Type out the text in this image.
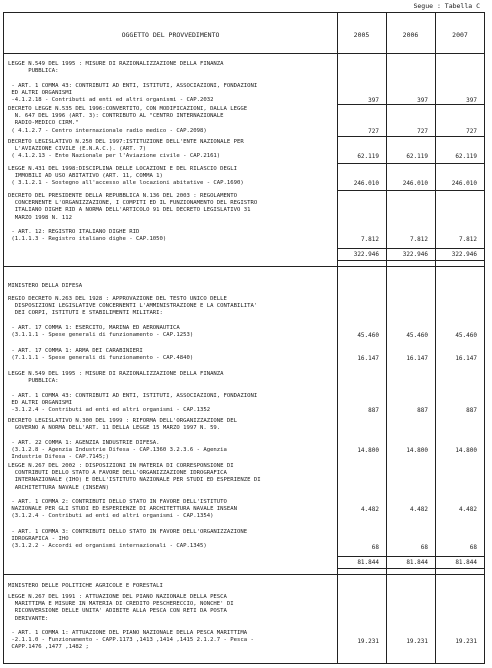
Segue : Tabella C
OGGETTO DEL PROVVEDIMENTO	2005	2006	2007
LEGGE N.549 DEL 1995 : MISURE DI RAZIONALIZZAZIONE DELLA FINANZA
PUBBLICA:

- ART. 1 COMMA 43: CONTRIBUTI AD ENTI, ISTITUTI, ASSOCIAZIONI, FONDAZIONI
ED ALTRI ORGANISMI
-4.1.2.18 - Contributi ad enti ed altri organismi - CAP.2032	397	397	397
DECRETO LEGGE N.535 DEL 1996:CONVERTITO, CON MODIFICAZIONI, DALLA LEGGE
N. 647 DEL 1996 (ART. 3): CONTRIBUTO AL "CENTRO INTERNAZIONALE
RADIO-MEDICO CIRM."
( 4.1.2.7 - Centro internazionale radio medico - CAP.2098)	727	727	727
DECRETO LEGISLATIVO N.250 DEL 1997:ISTITUZIONE DELL'ENTE NAZIONALE PER
L'AVIAZIONE CIVILE (E.N.A.C.). (ART. 7)
( 4.1.2.13 - Ente Nazionale per l'Aviazione civile - CAP.2161)	62.119	62.119	62.119
LEGGE N.431 DEL 1998:DISCIPLINA DELLE LOCAZIONI E DEL RILASCIO DEGLI
IMMOBILI AD USO ABITATIVO (ART. 11, COMMA 1)
( 3.1.2.1 - Sostegno all'accesso alle locazioni abitative - CAP.1690)	246.010	246.010	246.010
DECRETO DEL PRESIDENTE DELLA REPUBBLICA N.136 DEL 2003 : REGOLAMENTO
CONCERNENTE L'ORGANIZZAZIONE, I COMPITI ED IL FUNZIONAMENTO DEL REGISTRO
ITALIANO DIGHE RID A NORMA DELL'ARTICOLO 91 DEL DECRETO LEGISLATIVO 31
MARZO 1998 N. 112

- ART. 12: REGISTRO ITALIANO DIGHE RID
(1.1.1.3 - Registro italiano dighe - CAP.1050)	7.812	7.812	7.812
322.946	322.946	322.946
MINISTERO DELLA DIFESA
REGIO DECRETO N.263 DEL 1928 : APPROVAZIONE DEL TESTO UNICO DELLE
DISPOSIZIONI LEGISLATIVE CONCERNENTI L'AMMINISTRAZIONE E LA CONTABILITA'
DEI CORPI, ISTITUTI E STABILIMENTI MILITARI:

- ART. 17 COMMA 1: ESERCITO, MARINA ED AERONAUTICA
(3.1.1.1 - Spese generali di funzionamento - CAP.1253)	45.460	45.460	45.460
- ART. 17 COMMA 1: ARMA DEI CARABINIERI
(7.1.1.1 - Spese generali di funzionamento - CAP.4840)	16.147	16.147	16.147
LEGGE N.549 DEL 1995 : MISURE DI RAZIONALIZZAZIONE DELLA FINANZA
PUBBLICA:

- ART. 1 COMMA 43: CONTRIBUTI AD ENTI, ISTITUTI, ASSOCIAZIONI, FONDAZIONI
ED ALTRI ORGANISMI
-3.1.2.4 - Contributi ad enti ed altri organismi - CAP.1352	887	887	887
DECRETO LEGISLATIVO N.300 DEL 1999 : RIFORMA DELL'ORGANIZZAZIONE DEL
GOVERNO A NORMA DELL'ART. 11 DELLA LEGGE 15 MARZO 1997 N. 59.

- ART. 22 COMMA 1: AGENZIA INDUSTRIE DIFESA.
(3.1.2.8 - Agenzia Industrie Difesa - CAP.1360 3.2.3.6 - Agenzia
Industrie Difesa - CAP.7145;)
14.800	14.800	14.800
LEGGE N.267 DEL 2002 : DISPOSIZIONI IN MATERIA DI CORRESPONSIONE DI
CONTRIBUTI DELLO STATO A FAVORE DELL'ORGANIZZAZIONE IDROGRAFICA
INTERNAZIONALE (IHO) E DELL'ISTITUTO NAZIONALE PER STUDI ED ESPERIENZE DI
ARCHITETTURA NAVALE (INSEAN)

- ART. 1 COMMA 2: CONTRIBUTI DELLO STATO IN FAVORE DELL'ISTITUTO
NAZIONALE PER GLI STUDI ED ESPERIENZE DI ARCHITETTURA NAVALE INSEAN
(3.1.2.4 - Contributi ad enti ed altri organismi - CAP.1354)
4.482	4.482	4.482
- ART. 1 COMMA 3: CONTRIBUTI DELLO STATO IN FAVORE DELL'ORGANIZZAZIONE
IDROGRAFICA - IHO
(3.1.2.2 - Accordi ed organismi internazionali - CAP.1345)	68	68	68
81.844	81.844	81.844
MINISTERO DELLE POLITICHE AGRICOLE E FORESTALI
LEGGE N.267 DEL 1991 : ATTUAZIONE DEL PIANO NAZIONALE DELLA PESCA
MARITTIMA E MISURE IN MATERIA DI CREDITO PESCHERECCIO, NONCHE' DI
RICONVERSIONE DELLE UNITA' ADIBITE ALLA PESCA CON RETI DA POSTA
DERIVANTE:

- ART. 1 COMMA 1: ATTUAZIONE DEL PIANO NAZIONALE DELLA PESCA MARITTIMA
-2.1.1.0 - Funzionamento - CAPP.1173 ,1413 ,1414 ,1415 2.1.2.7 - Pesca -
CAPP.1476 ,1477 ,1482 ;
19.231	19.231	19.231
